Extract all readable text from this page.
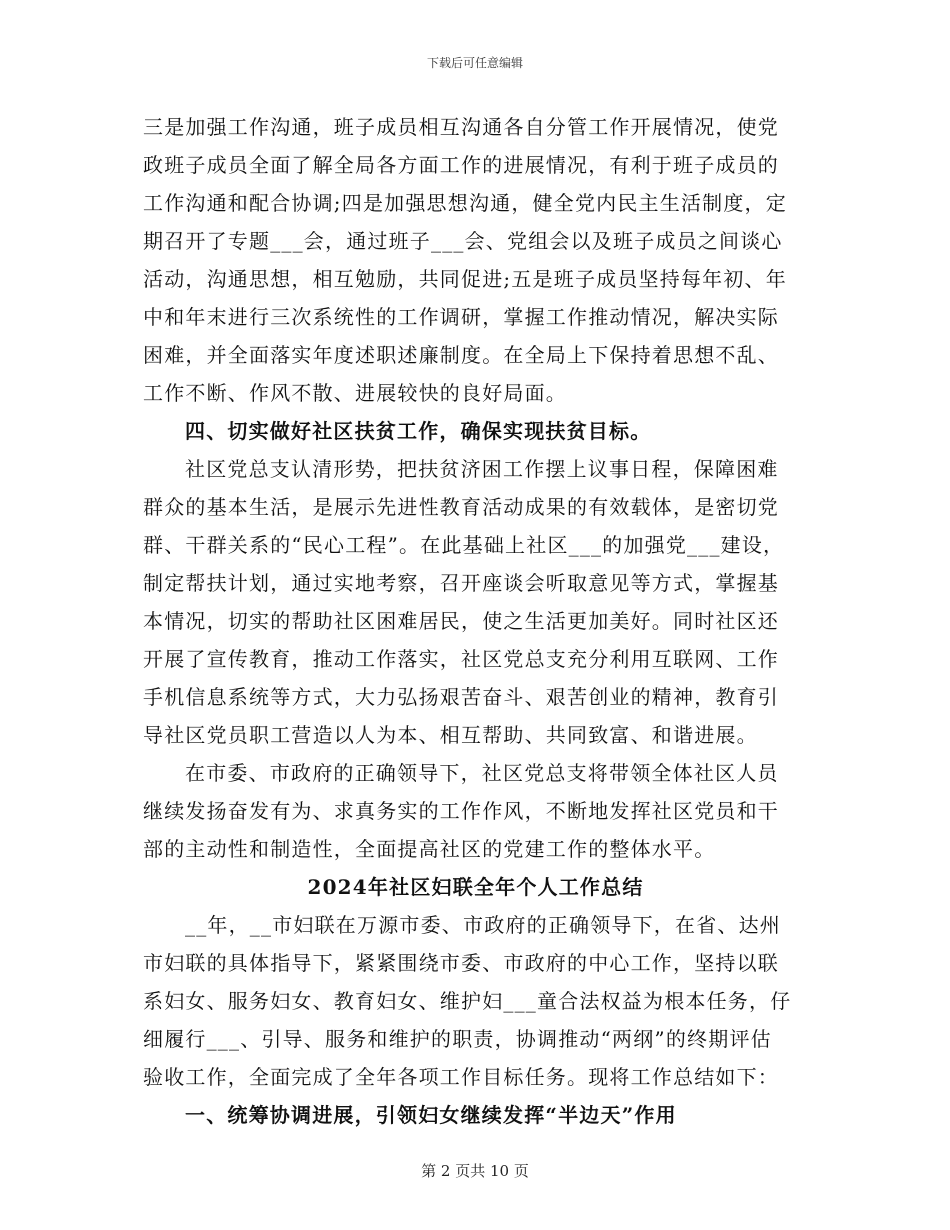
下载后可任意编辑
三是加强工作沟通，班子成员相互沟通各自分管工作开展情况，使党
政班子成员全面了解全局各方面工作的进展情况，有利于班子成员的
工作沟通和配合协调;四是加强思想沟通，健全党内民主生活制度，定
期召开了专题___会，通过班子___会、党组会以及班子成员之间谈心
活动，沟通思想，相互勉励，共同促进;五是班子成员坚持每年初、年
中和年末进行三次系统性的工作调研，掌握工作推动情况，解决实际
困难，并全面落实年度述职述廉制度。在全局上下保持着思想不乱、
工作不断、作风不散、进展较快的良好局面。
四、切实做好社区扶贫工作，确保实现扶贫目标。
社区党总支认清形势，把扶贫济困工作摆上议事日程，保障困难
群众的基本生活，是展示先进性教育活动成果的有效载体，是密切党
群、干群关系的“民心工程”。在此基础上社区___的加强党___建设，
制定帮扶计划，通过实地考察，召开座谈会听取意见等方式，掌握基
本情况，切实的帮助社区困难居民，使之生活更加美好。同时社区还
开展了宣传教育，推动工作落实，社区党总支充分利用互联网、工作
手机信息系统等方式，大力弘扬艰苦奋斗、艰苦创业的精神，教育引
导社区党员职工营造以人为本、相互帮助、共同致富、和谐进展。
在市委、市政府的正确领导下，社区党总支将带领全体社区人员
继续发扬奋发有为、求真务实的工作作风，不断地发挥社区党员和干
部的主动性和制造性，全面提高社区的党建工作的整体水平。
2024年社区妇联全年个人工作总结
__年，__市妇联在万源市委、市政府的正确领导下，在省、达州
市妇联的具体指导下，紧紧围绕市委、市政府的中心工作，坚持以联
系妇女、服务妇女、教育妇女、维护妇___童合法权益为根本任务，仔
细履行___、引导、服务和维护的职责，协调推动“两纲”的终期评估
验收工作，全面完成了全年各项工作目标任务。现将工作总结如下：
一、统筹协调进展，引领妇女继续发挥“半边天”作用
第 2 页共 10 页
